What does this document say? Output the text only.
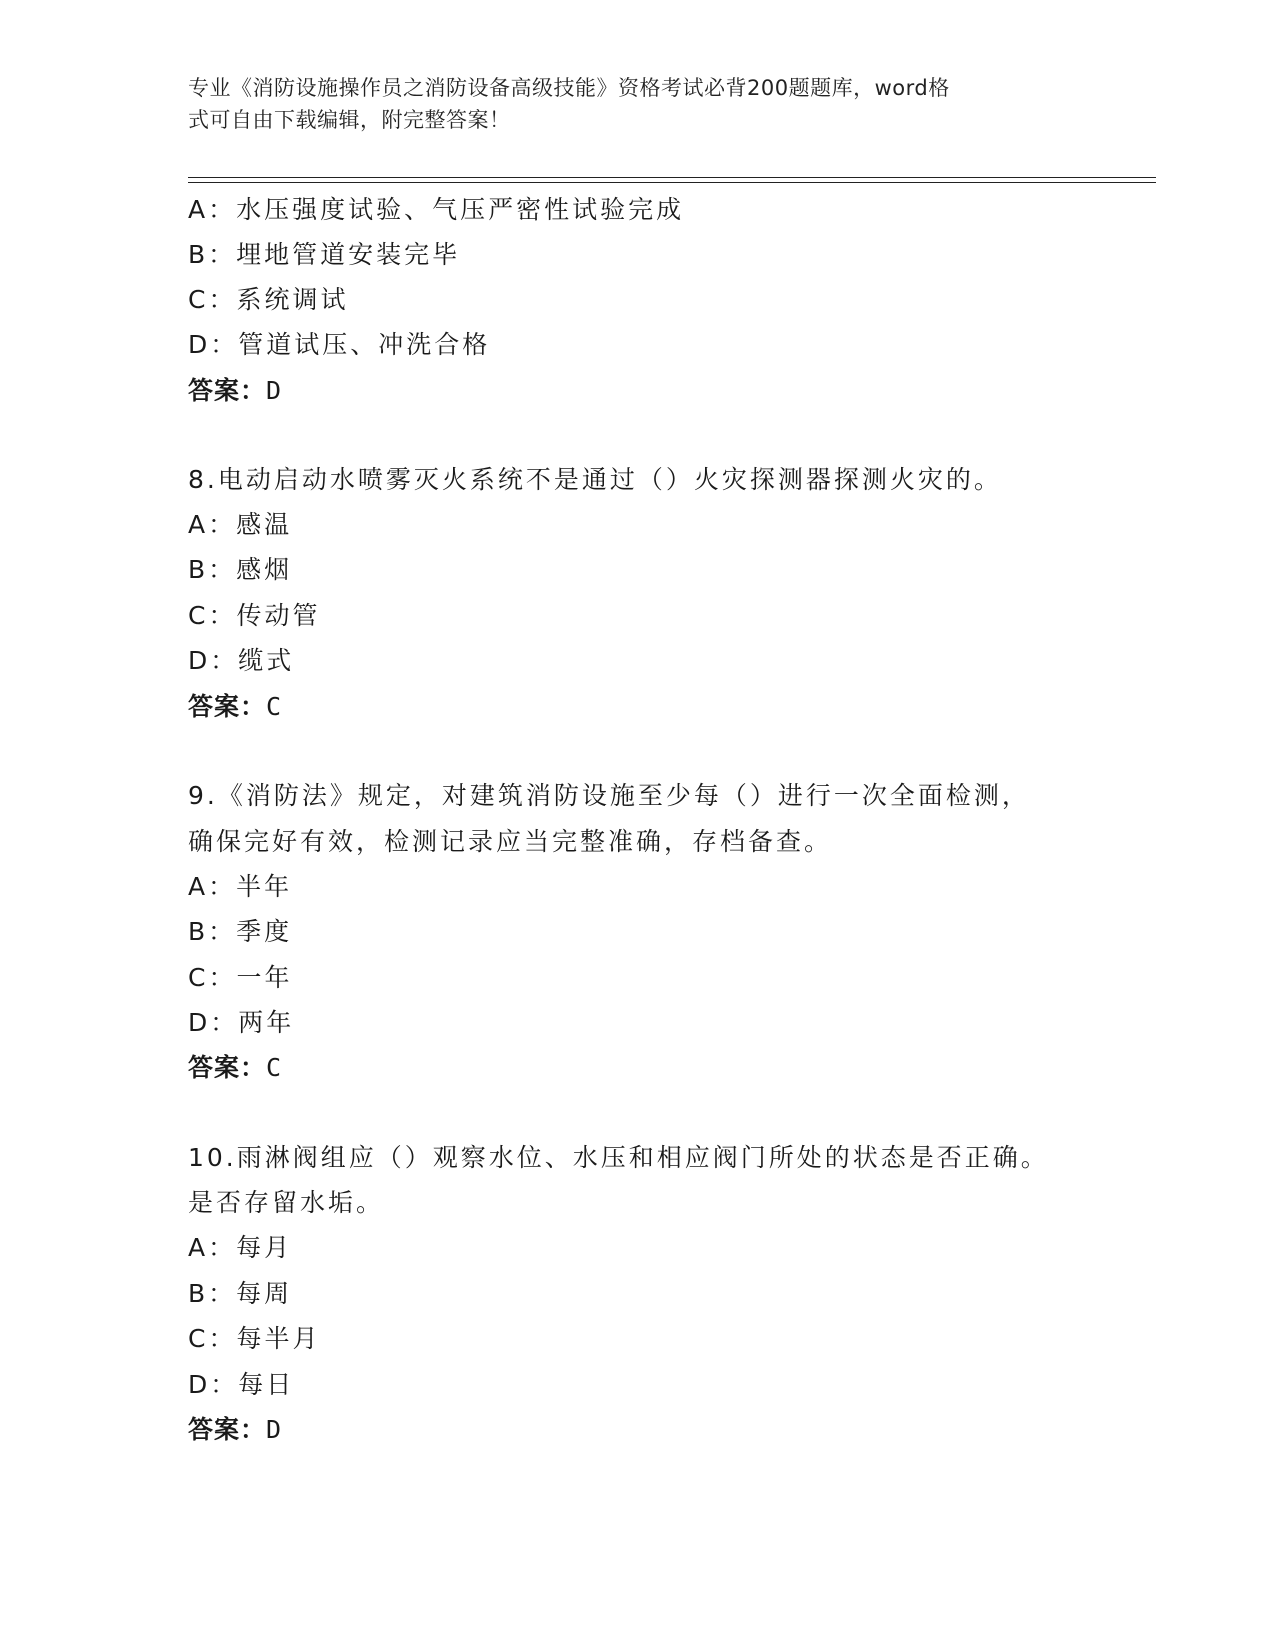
专业《消防设施操作员之消防设备高级技能》资格考试必背200题题库，word格
式可自由下载编辑，附完整答案！
A：水压强度试验、气压严密性试验完成
B：埋地管道安装完毕
C：系统调试
D：管道试压、冲洗合格
答案：D
8.电动启动水喷雾灭火系统不是通过（）火灾探测器探测火灾的。
A：感温
B：感烟
C：传动管
D：缆式
答案：C
9.《消防法》规定，对建筑消防设施至少每（）进行一次全面检测，
确保完好有效，检测记录应当完整准确，存档备查。
A：半年
B：季度
C：一年
D：两年
答案：C
10.雨淋阀组应（）观察水位、水压和相应阀门所处的状态是否正确。
是否存留水垢。
A：每月
B：每周
C：每半月
D：每日
答案：D
